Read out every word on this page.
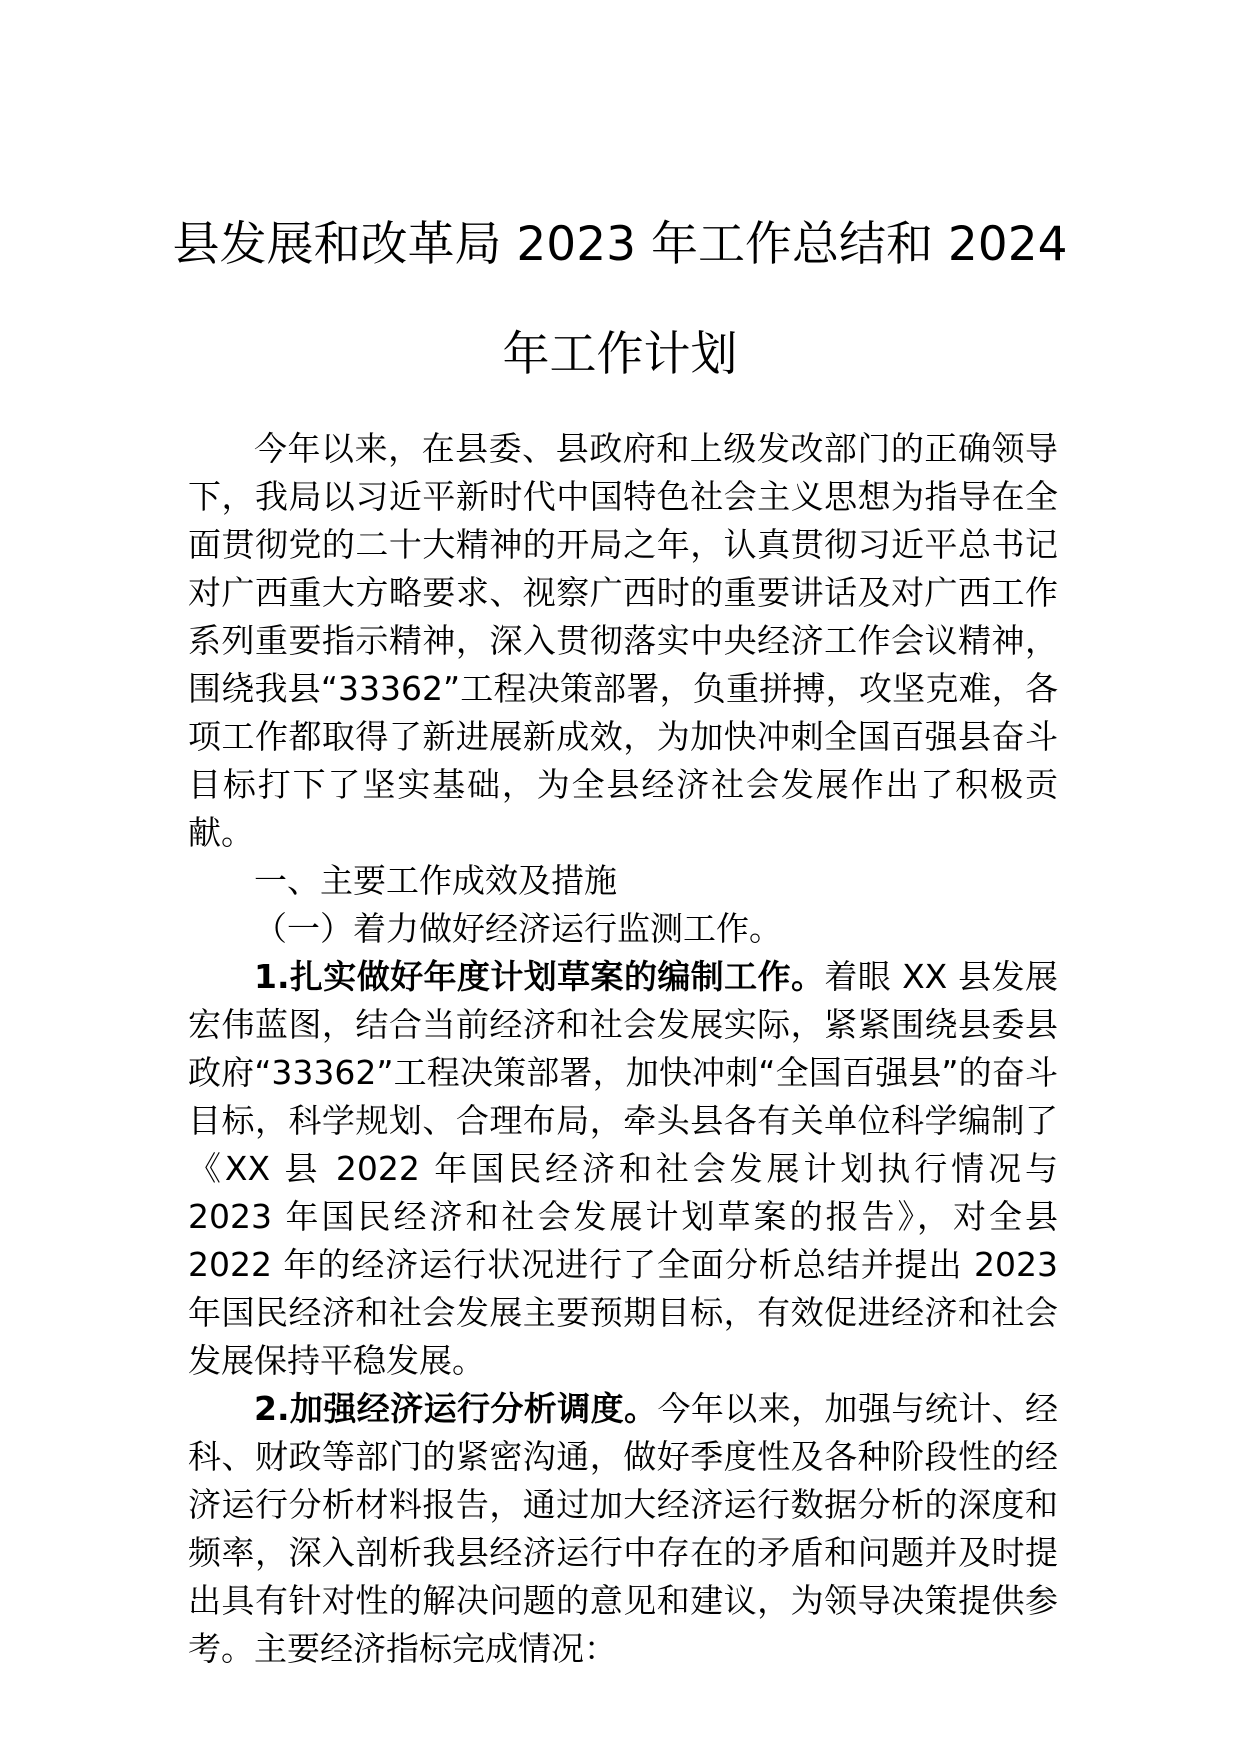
县发展和改革局 2023 年工作总结和 2024
年工作计划

今年以来，在县委、县政府和上级发改部门的正确领导下，我局以习近平新时代中国特色社会主义思想为指导在全面贯彻党的二十大精神的开局之年，认真贯彻习近平总书记对广西重大方略要求、视察广西时的重要讲话及对广西工作系列重要指示精神，深入贯彻落实中央经济工作会议精神，围绕我县“33362”工程决策部署，负重拼搏，攻坚克难，各项工作都取得了新进展新成效，为加快冲刺全国百强县奋斗目标打下了坚实基础，为全县经济社会发展作出了积极贡献。

一、主要工作成效及措施

（一）着力做好经济运行监测工作。

1.扎实做好年度计划草案的编制工作。着眼 XX 县发展宏伟蓝图，结合当前经济和社会发展实际，紧紧围绕县委县政府“33362”工程决策部署，加快冲刺“全国百强县”的奋斗目标，科学规划、合理布局，牵头县各有关单位科学编制了《XX 县 2022 年国民经济和社会发展计划执行情况与 2023 年国民经济和社会发展计划草案的报告》，对全县 2022 年的经济运行状况进行了全面分析总结并提出 2023 年国民经济和社会发展主要预期目标，有效促进经济和社会发展保持平稳发展。

2.加强经济运行分析调度。今年以来，加强与统计、经科、财政等部门的紧密沟通，做好季度性及各种阶段性的经济运行分析材料报告，通过加大经济运行数据分析的深度和频率，深入剖析我县经济运行中存在的矛盾和问题并及时提出具有针对性的解决问题的意见和建议，为领导决策提供参考。主要经济指标完成情况：
